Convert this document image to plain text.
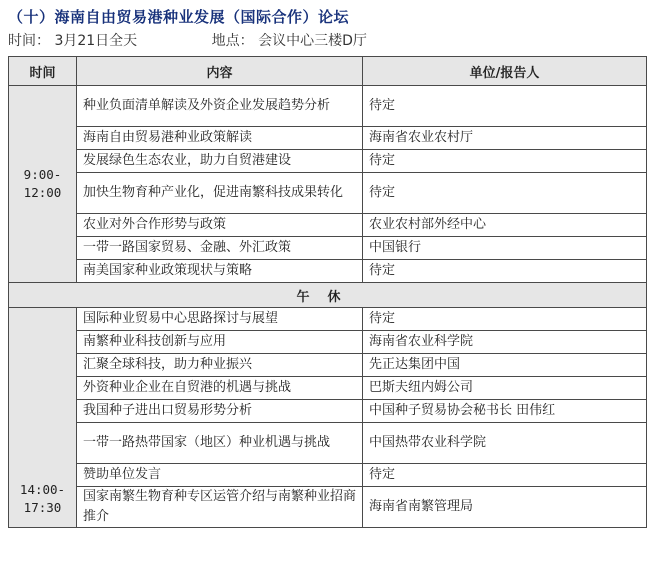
（十）海南自由贸易港种业发展（国际合作）论坛
时间： 3月21日全天	地点： 会议中心三楼D厅
时间	内容	单位/报告人

9:00-
12:00	种业负面清单解读及外资企业发展趋势分析	待定
	海南自由贸易港种业政策解读	海南省农业农村厅
	发展绿色生态农业，助力自贸港建设	待定
	加快生物育种产业化，促进南繁科技成果转化	待定
	农业对外合作形势与政策	农业农村部外经中心
	一带一路国家贸易、金融、外汇政策	中国银行
	南美国家种业政策现状与策略	待定
午休		

14:00-
17:30	国际种业贸易中心思路探讨与展望	待定
	南繁种业科技创新与应用	海南省农业科学院
	汇聚全球科技，助力种业振兴	先正达集团中国
	外资种业企业在自贸港的机遇与挑战	巴斯夫纽内姆公司
	我国种子进出口贸易形势分析	中国种子贸易协会秘书长 田伟红
	一带一路热带国家（地区）种业机遇与挑战	中国热带农业科学院
	赞助单位发言	待定
	国家南繁生物育种专区运管介绍与南繁种业招商推介	海南省南繁管理局
